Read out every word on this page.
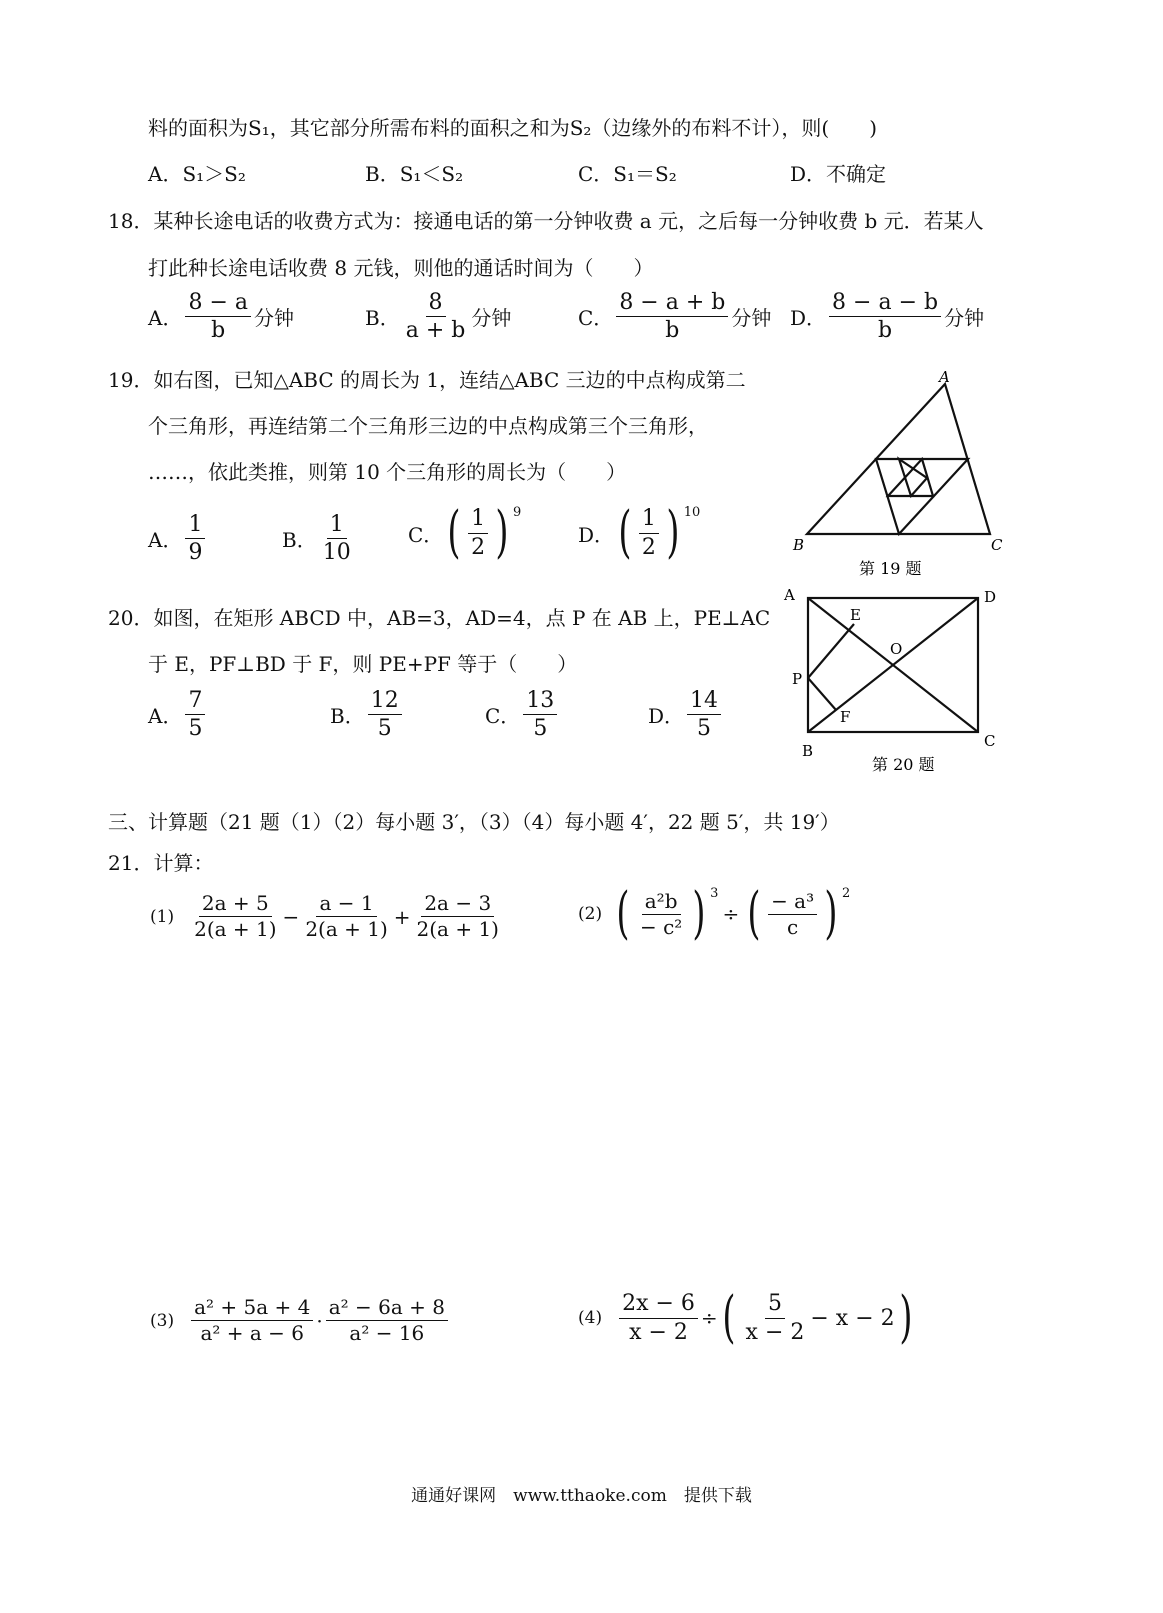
料的面积为S₁，其它部分所需布料的面积之和为S₂（边缘外的布料不计），则(　　)
A．S₁＞S₂	B．S₁＜S₂	C．S₁＝S₂	D．不确定
18．某种长途电话的收费方式为：接通电话的第一分钟收费 a 元，之后每一分钟收费 b 元．若某人
打此种长途电话收费 8 元钱，则他的通话时间为（　　）
A． $\frac{8 - a}{b}$ 分钟	B． $\frac{8}{a + b}$ 分钟	C． $\frac{8 - a + b}{b}$ 分钟 D． $\frac{8 - a - b}{b}$ 分钟
19．如右图，已知△ABC 的周长为 1，连结△ABC 三边的中点构成第二
个三角形，再连结第二个三角形三边的中点构成第三个三角形，
……，依此类推，则第 10 个三角形的周长为（　　）
A． $\frac{1}{9}$	B． $\frac{1}{10}$	C． ( $\frac{1}{2}$ ) $^9$
D． ( $\frac{1}{2}$ ) $^{10}$
A
B	C
第 19 题
20．如图，在矩形 ABCD 中，AB=3，AD=4，点 P 在 AB 上，PE⊥AC
于 E，PF⊥BD 于 F，则 PE+PF 等于（　　）
A． $\frac{7}{5}$	B． $\frac{12}{5}$	C． $\frac{13}{5}$	D． $\frac{14}{5}$
A	D
B
C
E
O
P
F
第 20 题
三、计算题（21 题（1）（2）每小题 3′，（3）（4）每小题 4′，22 题 5′，共 19′）
21．计算：
$(1) \frac{2a + 5}{2(a + 1)} - \frac{a - 1}{2(a + 1)} + \frac{2a - 3}{2(a + 1)}$	(2) ( $\frac{\text{a²b}}{\text{− c²}}$ ) $^3$
÷ ( $\frac{\text{− a³}}{c}$ ) $^2$
$(3) \frac{\text{a² + 5a + 4}}{\text{a² + a − 6}} \cdot \frac{\text{a² − 6a + 8}}{\text{a² − 16}}$	$(4) \frac{2x - 6}{x - 2}$ ÷ ( $\frac{5}{x - 2} - x - 2$ )
通通好课网　www.tthaoke.com　提供下载
